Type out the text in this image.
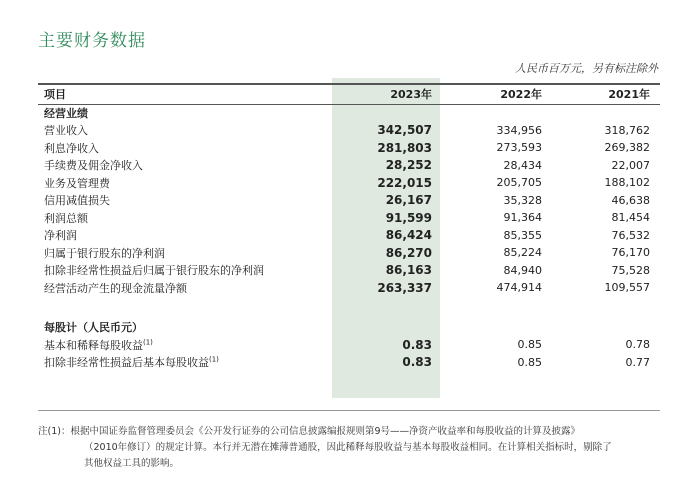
主要财务数据
人民币百万元，另有标注除外
项目	2023年	2022年	2021年
经营业绩			
营业收入	342,507	334,956	318,762
利息净收入	281,803	273,593	269,382
手续费及佣金净收入	28,252	28,434	22,007
业务及管理费	222,015	205,705	188,102
信用减值损失	26,167	35,328	46,638
利润总额	91,599	91,364	81,454
净利润	86,424	85,355	76,532
归属于银行股东的净利润	86,270	85,224	76,170
扣除非经常性损益后归属于银行股东的净利润	86,163	84,940	75,528
经营活动产生的现金流量净额	263,337	474,914	109,557

每股计（人民币元）			
基本和稀释每股收益$^{(1)}$	0.83	0.85	0.78
扣除非经常性损益后基本每股收益$^{(1)}$	0.83	0.85	0.77
注(1)：根据中国证券监督管理委员会《公开发行证券的公司信息披露编报规则第9号——净资产收益率和每股收益的计算及披露》
（2010年修订）的规定计算。本行并无潜在摊薄普通股，因此稀释每股收益与基本每股收益相同。在计算相关指标时，剔除了
其他权益工具的影响。
